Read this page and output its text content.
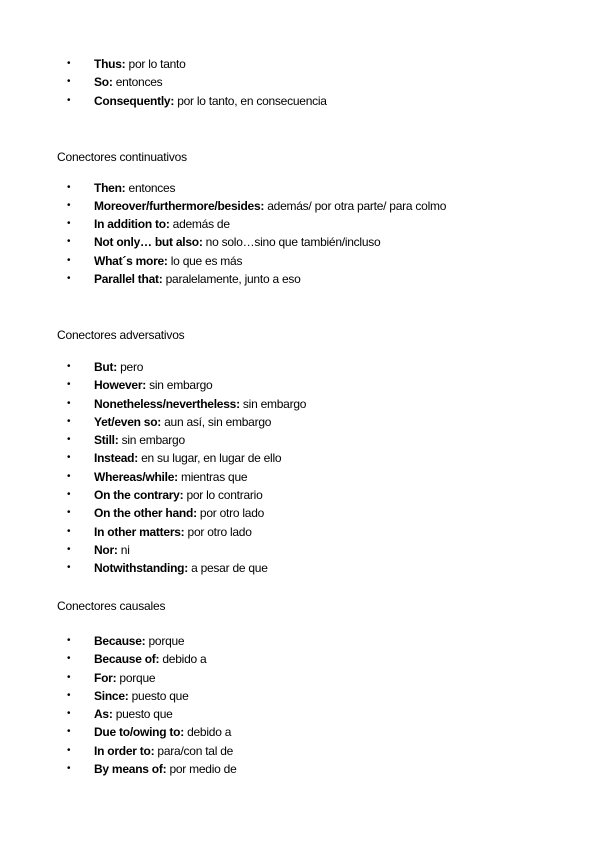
• Thus: por lo tanto
• So: entonces
• Consequently: por lo tanto, en consecuencia
Conectores continuativos
• Then: entonces
• Moreover/furthermore/besides: además/ por otra parte/ para colmo
• In addition to: además de
• Not only… but also: no solo…sino que también/incluso
• What´s more: lo que es más
• Parallel that: paralelamente, junto a eso
Conectores adversativos
• But: pero
• However: sin embargo
• Nonetheless/nevertheless: sin embargo
• Yet/even so: aun así, sin embargo
• Still: sin embargo
• Instead: en su lugar, en lugar de ello
• Whereas/while: mientras que
• On the contrary: por lo contrario
• On the other hand: por otro lado
• In other matters: por otro lado
• Nor: ni
• Notwithstanding: a pesar de que
Conectores causales
• Because: porque
• Because of: debido a
• For: porque
• Since: puesto que
• As: puesto que
• Due to/owing to: debido a
• In order to: para/con tal de
• By means of: por medio de
